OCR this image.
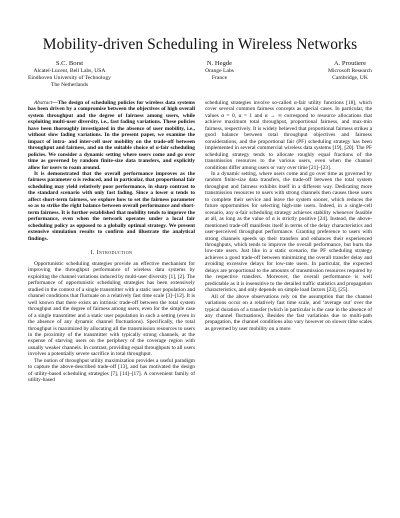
Mobility-driven Scheduling in Wireless Networks
S.C. Borst
Alcatel-Lucent, Bell Labs, USA
Eindhoven University of Technology
The Netherlands
N. Hegde
Orange Labs
France
A. Proutiere
Microsoft Research
Cambridge, UK

Abstract—The design of scheduling policies for wireless data systems has been driven by a compromise between the objectives of high overall system throughput and the degree of fairness among users, while exploiting multi-user diversity, i.e., fast fading variations. These policies have been thoroughly investigated in the absence of user mobility, i.e., without slow fading variations. In the present paper, we examine the impact of intra- and inter-cell user mobility on the trade-off between throughput and fairness, and on the suitable choice of α-fair scheduling policies. We consider a dynamic setting where users come and go over time as governed by random finite-size data transfers, and explicitly allow for users to roam around.

It is demonstrated that the overall performance improves as the fairness parameter α is reduced, and in particular, that proportional fair scheduling may yield relatively poor performance, in sharp contrast to the standard scenario with only fast fading. Since a lower α tends to affect short-term fairness, we explore how to set the fairness parameter so as to strike the right balance between overall performance and short-term fairness. It is further established that mobility tends to improve the performance, even when the network operates under a local fair scheduling policy as opposed to a globally optimal strategy. We present extensive simulation results to confirm and illustrate the analytical findings.

I. Introduction

Opportunistic scheduling strategies provide an effective mechanism for improving the throughput performance of wireless data systems by exploiting the channel variations induced by multi-user diversity [1], [2]. The performance of opportunistic scheduling strategies has been extensively studied in the context of a single transmitter with a static user population and channel conditions that fluctuate on a relatively fast time scale [3]–[12]. It is well known that there exists an intrinsic trade-off between the total system throughput and the degree of fairness among users, even for the simple case of a single transmitter and a static user population in such a setting (even in the absence of any dynamic channel fluctuations). Specifically, the total throughput is maximized by allocating all the transmission resources to users in the proximity of the transmitter with typically strong channels, at the expense of starving users on the periphery of the coverage region with usually weaker channels. In contrast, providing equal throughputs to all users involves a potentially severe sacrifice in total throughput.

The notion of throughput utility maximization provides a useful paradigm to capture the above-described trade-off [13], and has motivated the design of utility-based scheduling strategies [7], [14]–[17]. A convenient family of utility-based

scheduling strategies involve so-called α-fair utility functions [18], which cover several common fairness concepts as special cases. In particular, the values α = 0, α = 1 and α → ∞ correspond to resource allocations that achieve maximum total throughput, proportional fairness, and max-min fairness, respectively. It is widely believed that proportional fairness strikes a good balance between total throughput objectives and fairness considerations, and the proportional fair (PF) scheduling strategy has been implemented in several commercial wireless data systems [19], [20]. The PF scheduling strategy tends to allocate roughly equal fractions of the transmission resources to the various users, even when the channel conditions differ among users or vary over time [21]–[23].

In a dynamic setting, where users come and go over time as governed by random finite-size data transfers, the trade-off between the total system throughput and fairness exhibits itself in a different way. Dedicating more transmission resources to users with strong channels then causes these users to complete their service and leave the system sooner, which reduces the future opportunities for selecting high-rate users. Indeed, in a single-cell scenario, any α-fair scheduling strategy achieves stability whenever feasible at all, as long as the value of α is strictly positive [24]. Instead, the above-mentioned trade-off manifests itself in terms of the delay characteristics and user-perceived throughput performance. Granting preference to users with strong channels speeds up their transfers and enhances their experienced throughputs, which tends to improve the overall performance, but hurts the low-rate users. Just like in a static scenario, the PF scheduling strategy achieves a good trade-off between minimizing the overall transfer delay and avoiding excessive delays for low-rate users. In particular, the expected delays are proportional to the amounts of transmission resources required by the respective transfers. Moreover, the overall performance is well predictable as it is insensitive to the detailed traffic statistics and propagation characteristics, and only depends on simple load factors [23], [25].

All of the above observations rely on the assumption that the channel variations occur on a relatively fast time scale, and ‘average out’ over the typical duration of a transfer (which in particular is the case in the absence of any channel fluctuations). Besides the fast variations due to multi-path propagation, the channel conditions also vary however on slower time scales as governed by user mobility on a more
